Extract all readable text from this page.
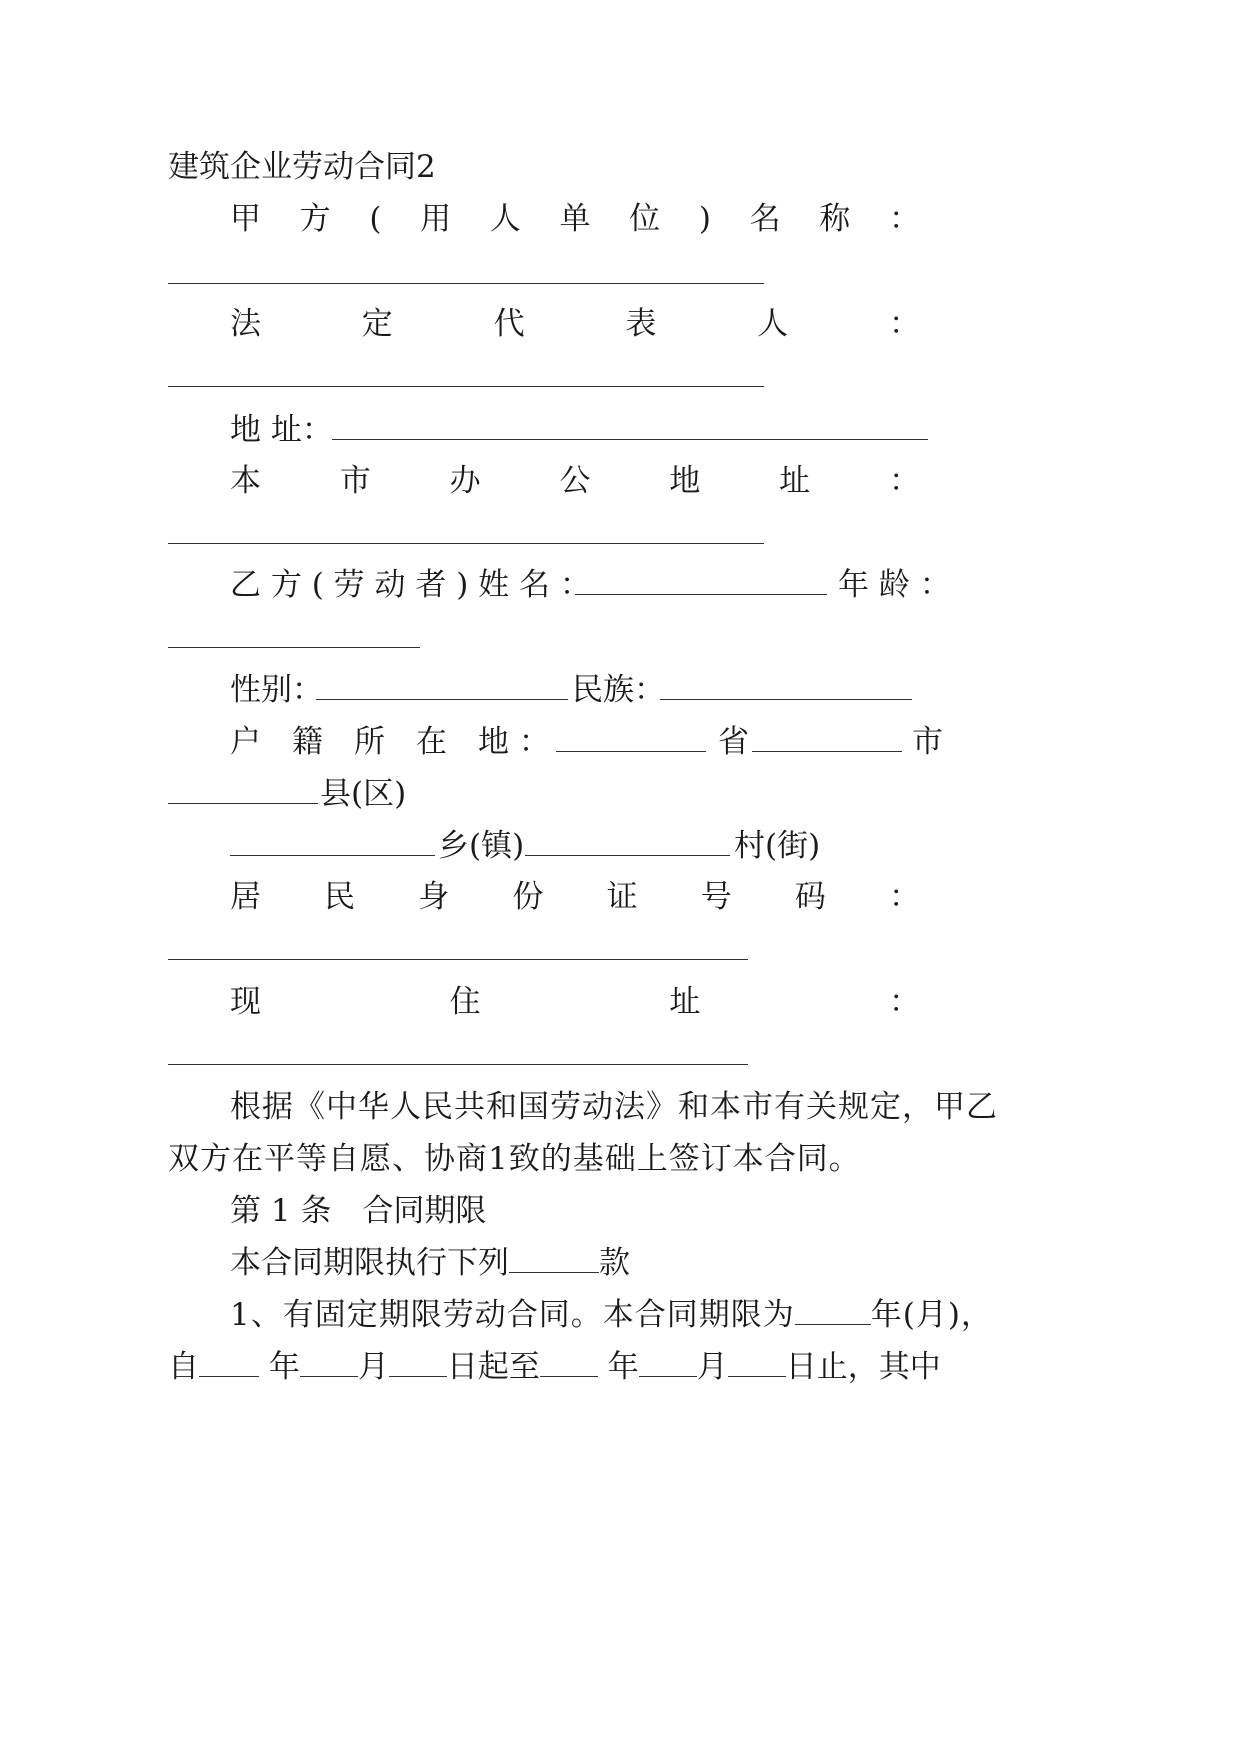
建筑企业劳动合同2
甲 方 ( 用 人 单 位 ) 名 称 ：
法	定	代	表	人	：
地 址：
本	市	办	公	地	址	：
乙 方 ( 劳 动 者 ) 姓 名 ：	年 龄 ：
性别：	民族：
户　籍　所　在　地 ：	省	市
县(区)
乡(镇)	村(街)
居 民 身 份 证 号 码 ：
现	住	址	：
根据《中华人民共和国劳动法》和本市有关规定，甲乙
双方在平等自愿、协商1致的基础上签订本合同。
第 1 条　合同期限
本合同期限执行下列	款
1、有固定期限劳动合同。本合同期限为 年(月)，
自 年 月 日起至 年 月 日止，其中
